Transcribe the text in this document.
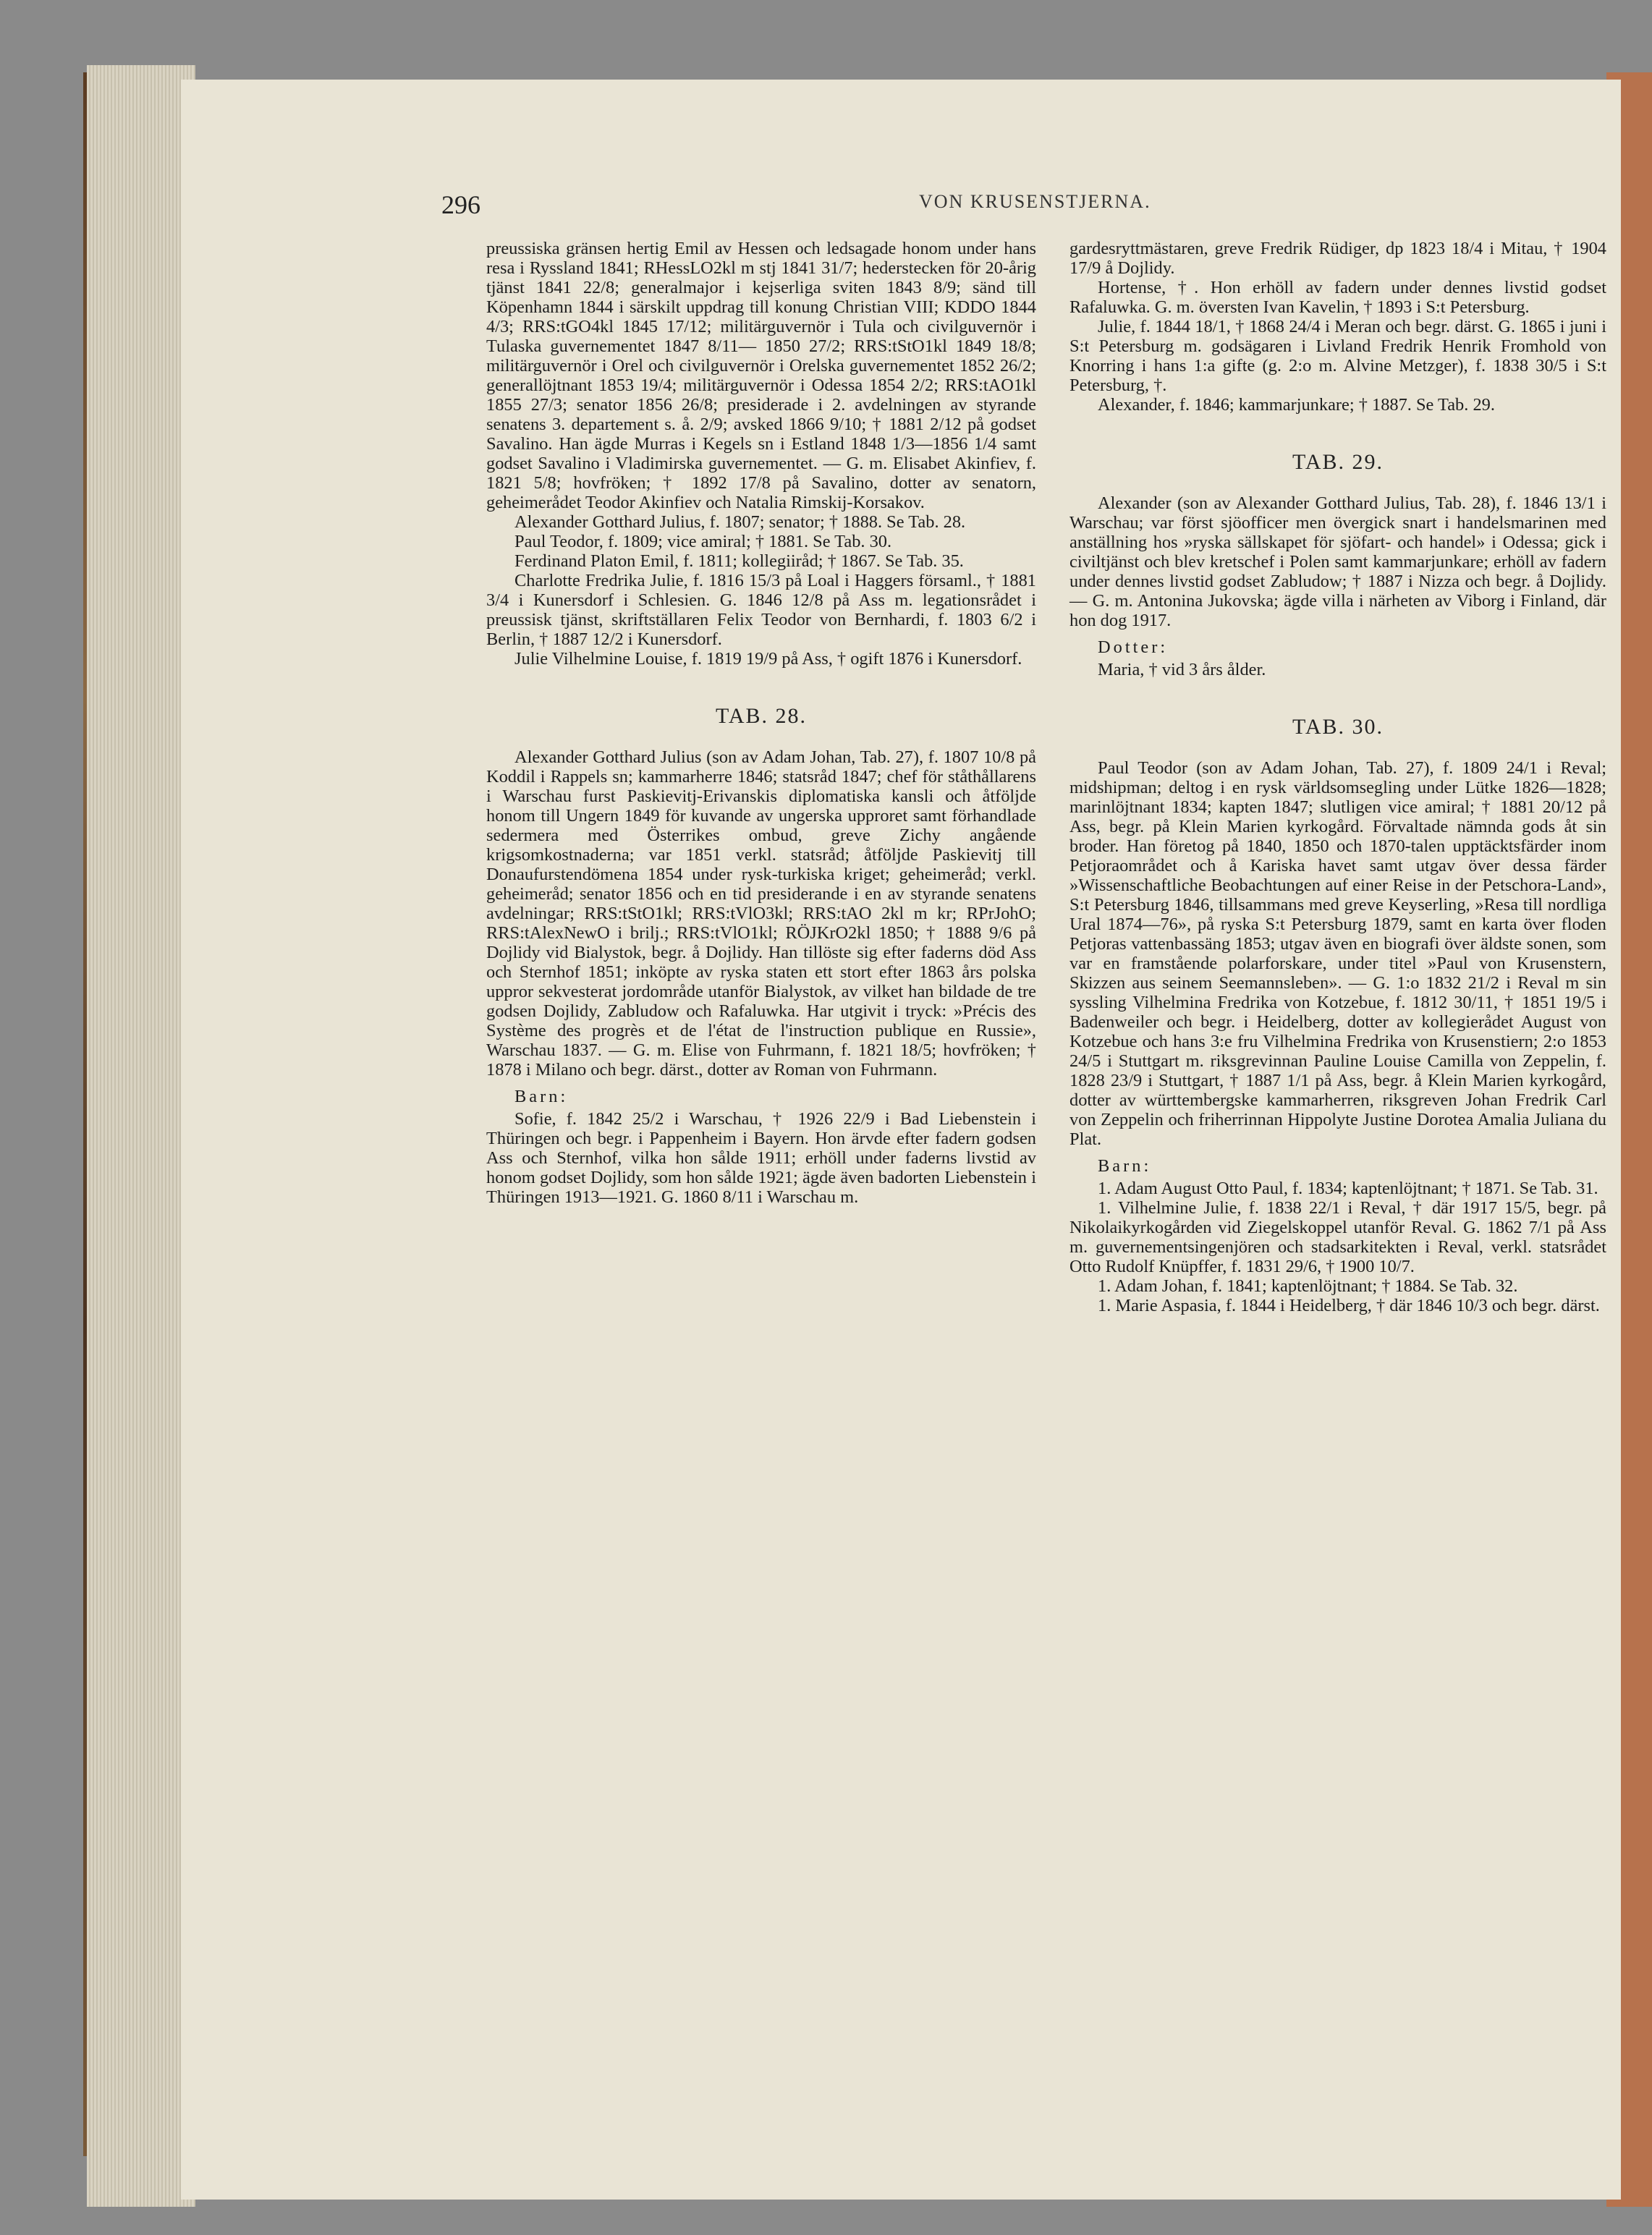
296	VON KRUSENSTJERNA.

preussiska gränsen hertig Emil av Hessen och ledsagade honom under hans resa i Ryssland 1841; RHessLO2kl m stj 1841 31/7; hederstecken för 20-årig tjänst 1841 22/8; generalmajor i kejserliga sviten 1843 8/9; sänd till Köpenhamn 1844 i särskilt uppdrag till konung Christian VIII; KDDO 1844 4/3; RRS:tGO4kl 1845 17/12; militärguvernör i Tula och civilguvernör i Tulaska guvernementet 1847 8/11— 1850 27/2; RRS:tStO1kl 1849 18/8; militärguvernör i Orel och civilguvernör i Orelska guvernementet 1852 26/2; generallöjtnant 1853 19/4; militärguvernör i Odessa 1854 2/2; RRS:tAO1kl 1855 27/3; senator 1856 26/8; presiderade i 2. avdelningen av styrande senatens 3. departement s. å. 2/9; avsked 1866 9/10; † 1881 2/12 på godset Savalino. Han ägde Murras i Kegels sn i Estland 1848 1/3—1856 1/4 samt godset Savalino i Vladimirska guvernementet. — G. m. Elisabet Akinfiev, f. 1821 5/8; hovfröken; † 1892 17/8 på Savalino, dotter av senatorn, geheimerådet Teodor Akinfiev och Natalia Rimskij-Korsakov.

Alexander Gotthard Julius, f. 1807; senator; † 1888. Se Tab. 28.

Paul Teodor, f. 1809; vice amiral; † 1881. Se Tab. 30.

Ferdinand Platon Emil, f. 1811; kollegiiråd; † 1867. Se Tab. 35.

Charlotte Fredrika Julie, f. 1816 15/3 på Loal i Haggers församl., † 1881 3/4 i Kunersdorf i Schlesien. G. 1846 12/8 på Ass m. legationsrådet i preussisk tjänst, skriftställaren Felix Teodor von Bernhardi, f. 1803 6/2 i Berlin, † 1887 12/2 i Kunersdorf.

Julie Vilhelmine Louise, f. 1819 19/9 på Ass, † ogift 1876 i Kunersdorf.

TAB. 28.

Alexander Gotthard Julius (son av Adam Johan, Tab. 27), f. 1807 10/8 på Koddil i Rappels sn; kammarherre 1846; statsråd 1847; chef för ståthållarens i Warschau furst Paskievitj-Erivanskis diplomatiska kansli och åtföljde honom till Ungern 1849 för kuvande av ungerska upproret samt förhandlade sedermera med Österrikes ombud, greve Zichy angående krigsomkostnaderna; var 1851 verkl. statsråd; åtföljde Paskievitj till Donaufurstendömena 1854 under rysk-turkiska kriget; geheimeråd; verkl. geheimeråd; senator 1856 och en tid presiderande i en av styrande senatens avdelningar; RRS:tStO1kl; RRS:tVlO3kl; RRS:tAO 2kl m kr; RPrJohO; RRS:tAlexNewO i brilj.; RRS:tVlO1kl; RÖJKrO2kl 1850; † 1888 9/6 på Dojlidy vid Bialystok, begr. å Dojlidy. Han tillöste sig efter faderns död Ass och Sternhof 1851; inköpte av ryska staten ett stort efter 1863 års polska uppror sekvesterat jordområde utanför Bialystok, av vilket han bildade de tre godsen Dojlidy, Zabludow och Rafaluwka. Har utgivit i tryck: »Précis des Système des progrès et de l'état de l'instruction publique en Russie», Warschau 1837. — G. m. Elise von Fuhrmann, f. 1821 18/5; hovfröken; † 1878 i Milano och begr. därst., dotter av Roman von Fuhrmann.

Barn:

Sofie, f. 1842 25/2 i Warschau, † 1926 22/9 i Bad Liebenstein i Thüringen och begr. i Pappenheim i Bayern. Hon ärvde efter fadern godsen Ass och Sternhof, vilka hon sålde 1911; erhöll under faderns livstid av honom godset Dojlidy, som hon sålde 1921; ägde även badorten Liebenstein i Thüringen 1913—1921. G. 1860 8/11 i Warschau m.

gardesryttmästaren, greve Fredrik Rüdiger, dp 1823 18/4 i Mitau, † 1904 17/9 å Dojlidy.

Hortense, †. Hon erhöll av fadern under dennes livstid godset Rafaluwka. G. m. översten Ivan Kavelin, † 1893 i S:t Petersburg.

Julie, f. 1844 18/1, † 1868 24/4 i Meran och begr. därst. G. 1865 i juni i S:t Petersburg m. godsägaren i Livland Fredrik Henrik Fromhold von Knorring i hans 1:a gifte (g. 2:o m. Alvine Metzger), f. 1838 30/5 i S:t Petersburg, †.

Alexander, f. 1846; kammarjunkare; † 1887. Se Tab. 29.

TAB. 29.

Alexander (son av Alexander Gotthard Julius, Tab. 28), f. 1846 13/1 i Warschau; var först sjöofficer men övergick snart i handelsmarinen med anställning hos »ryska sällskapet för sjöfart- och handel» i Odessa; gick i civiltjänst och blev kretschef i Polen samt kammarjunkare; erhöll av fadern under dennes livstid godset Zabludow; † 1887 i Nizza och begr. å Dojlidy. — G. m. Antonina Jukovska; ägde villa i närheten av Viborg i Finland, där hon dog 1917.

Dotter:

Maria, † vid 3 års ålder.

TAB. 30.

Paul Teodor (son av Adam Johan, Tab. 27), f. 1809 24/1 i Reval; midshipman; deltog i en rysk världsomsegling under Lütke 1826—1828; marinlöjtnant 1834; kapten 1847; slutligen vice amiral; † 1881 20/12 på Ass, begr. på Klein Marien kyrkogård. Förvaltade nämnda gods åt sin broder. Han företog på 1840, 1850 och 1870-talen upptäcktsfärder inom Petjoraområdet och å Kariska havet samt utgav över dessa färder »Wissenschaftliche Beobachtungen auf einer Reise in der Petschora-Land», S:t Petersburg 1846, tillsammans med greve Keyserling, »Resa till nordliga Ural 1874—76», på ryska S:t Petersburg 1879, samt en karta över floden Petjoras vattenbassäng 1853; utgav även en biografi över äldste sonen, som var en framstående polarforskare, under titel »Paul von Krusenstern, Skizzen aus seinem Seemannsleben». — G. 1:o 1832 21/2 i Reval m sin syssling Vilhelmina Fredrika von Kotzebue, f. 1812 30/11, † 1851 19/5 i Badenweiler och begr. i Heidelberg, dotter av kollegierådet August von Kotzebue och hans 3:e fru Vilhelmina Fredrika von Krusenstiern; 2:o 1853 24/5 i Stuttgart m. riksgrevinnan Pauline Louise Camilla von Zeppelin, f. 1828 23/9 i Stuttgart, † 1887 1/1 på Ass, begr. å Klein Marien kyrkogård, dotter av württembergske kammarherren, riksgreven Johan Fredrik Carl von Zeppelin och friherrinnan Hippolyte Justine Dorotea Amalia Juliana du Plat.

Barn:

1. Adam August Otto Paul, f. 1834; kaptenlöjtnant; † 1871. Se Tab. 31.

1. Vilhelmine Julie, f. 1838 22/1 i Reval, † där 1917 15/5, begr. på Nikolaikyrkogården vid Ziegelskoppel utanför Reval. G. 1862 7/1 på Ass m. guvernementsingenjören och stadsarkitekten i Reval, verkl. statsrådet Otto Rudolf Knüpffer, f. 1831 29/6, † 1900 10/7.

1. Adam Johan, f. 1841; kaptenlöjtnant; † 1884. Se Tab. 32.

1. Marie Aspasia, f. 1844 i Heidelberg, † där 1846 10/3 och begr. därst.
